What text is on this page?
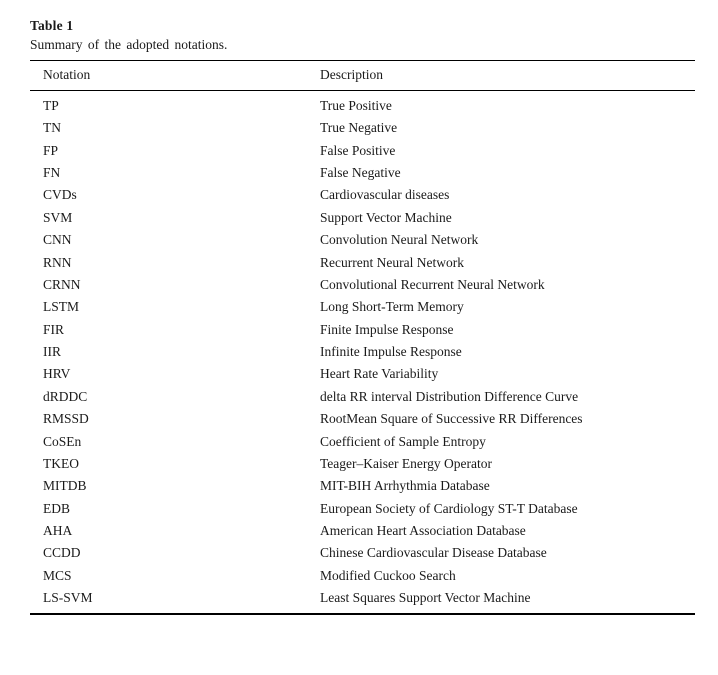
Table 1

Summary of the adopted notations.

Notation	Description
TP	True Positive
TN	True Negative
FP	False Positive
FN	False Negative
CVDs	Cardiovascular diseases
SVM	Support Vector Machine
CNN	Convolution Neural Network
RNN	Recurrent Neural Network
CRNN	Convolutional Recurrent Neural Network
LSTM	Long Short-Term Memory
FIR	Finite Impulse Response
IIR	Infinite Impulse Response
HRV	Heart Rate Variability
dRDDC	delta RR interval Distribution Difference Curve
RMSSD	RootMean Square of Successive RR Differences
CoSEn	Coefficient of Sample Entropy
TKEO	Teager–Kaiser Energy Operator
MITDB	MIT-BIH Arrhythmia Database
EDB	European Society of Cardiology ST-T Database
AHA	American Heart Association Database
CCDD	Chinese Cardiovascular Disease Database
MCS	Modified Cuckoo Search
LS-SVM	Least Squares Support Vector Machine
